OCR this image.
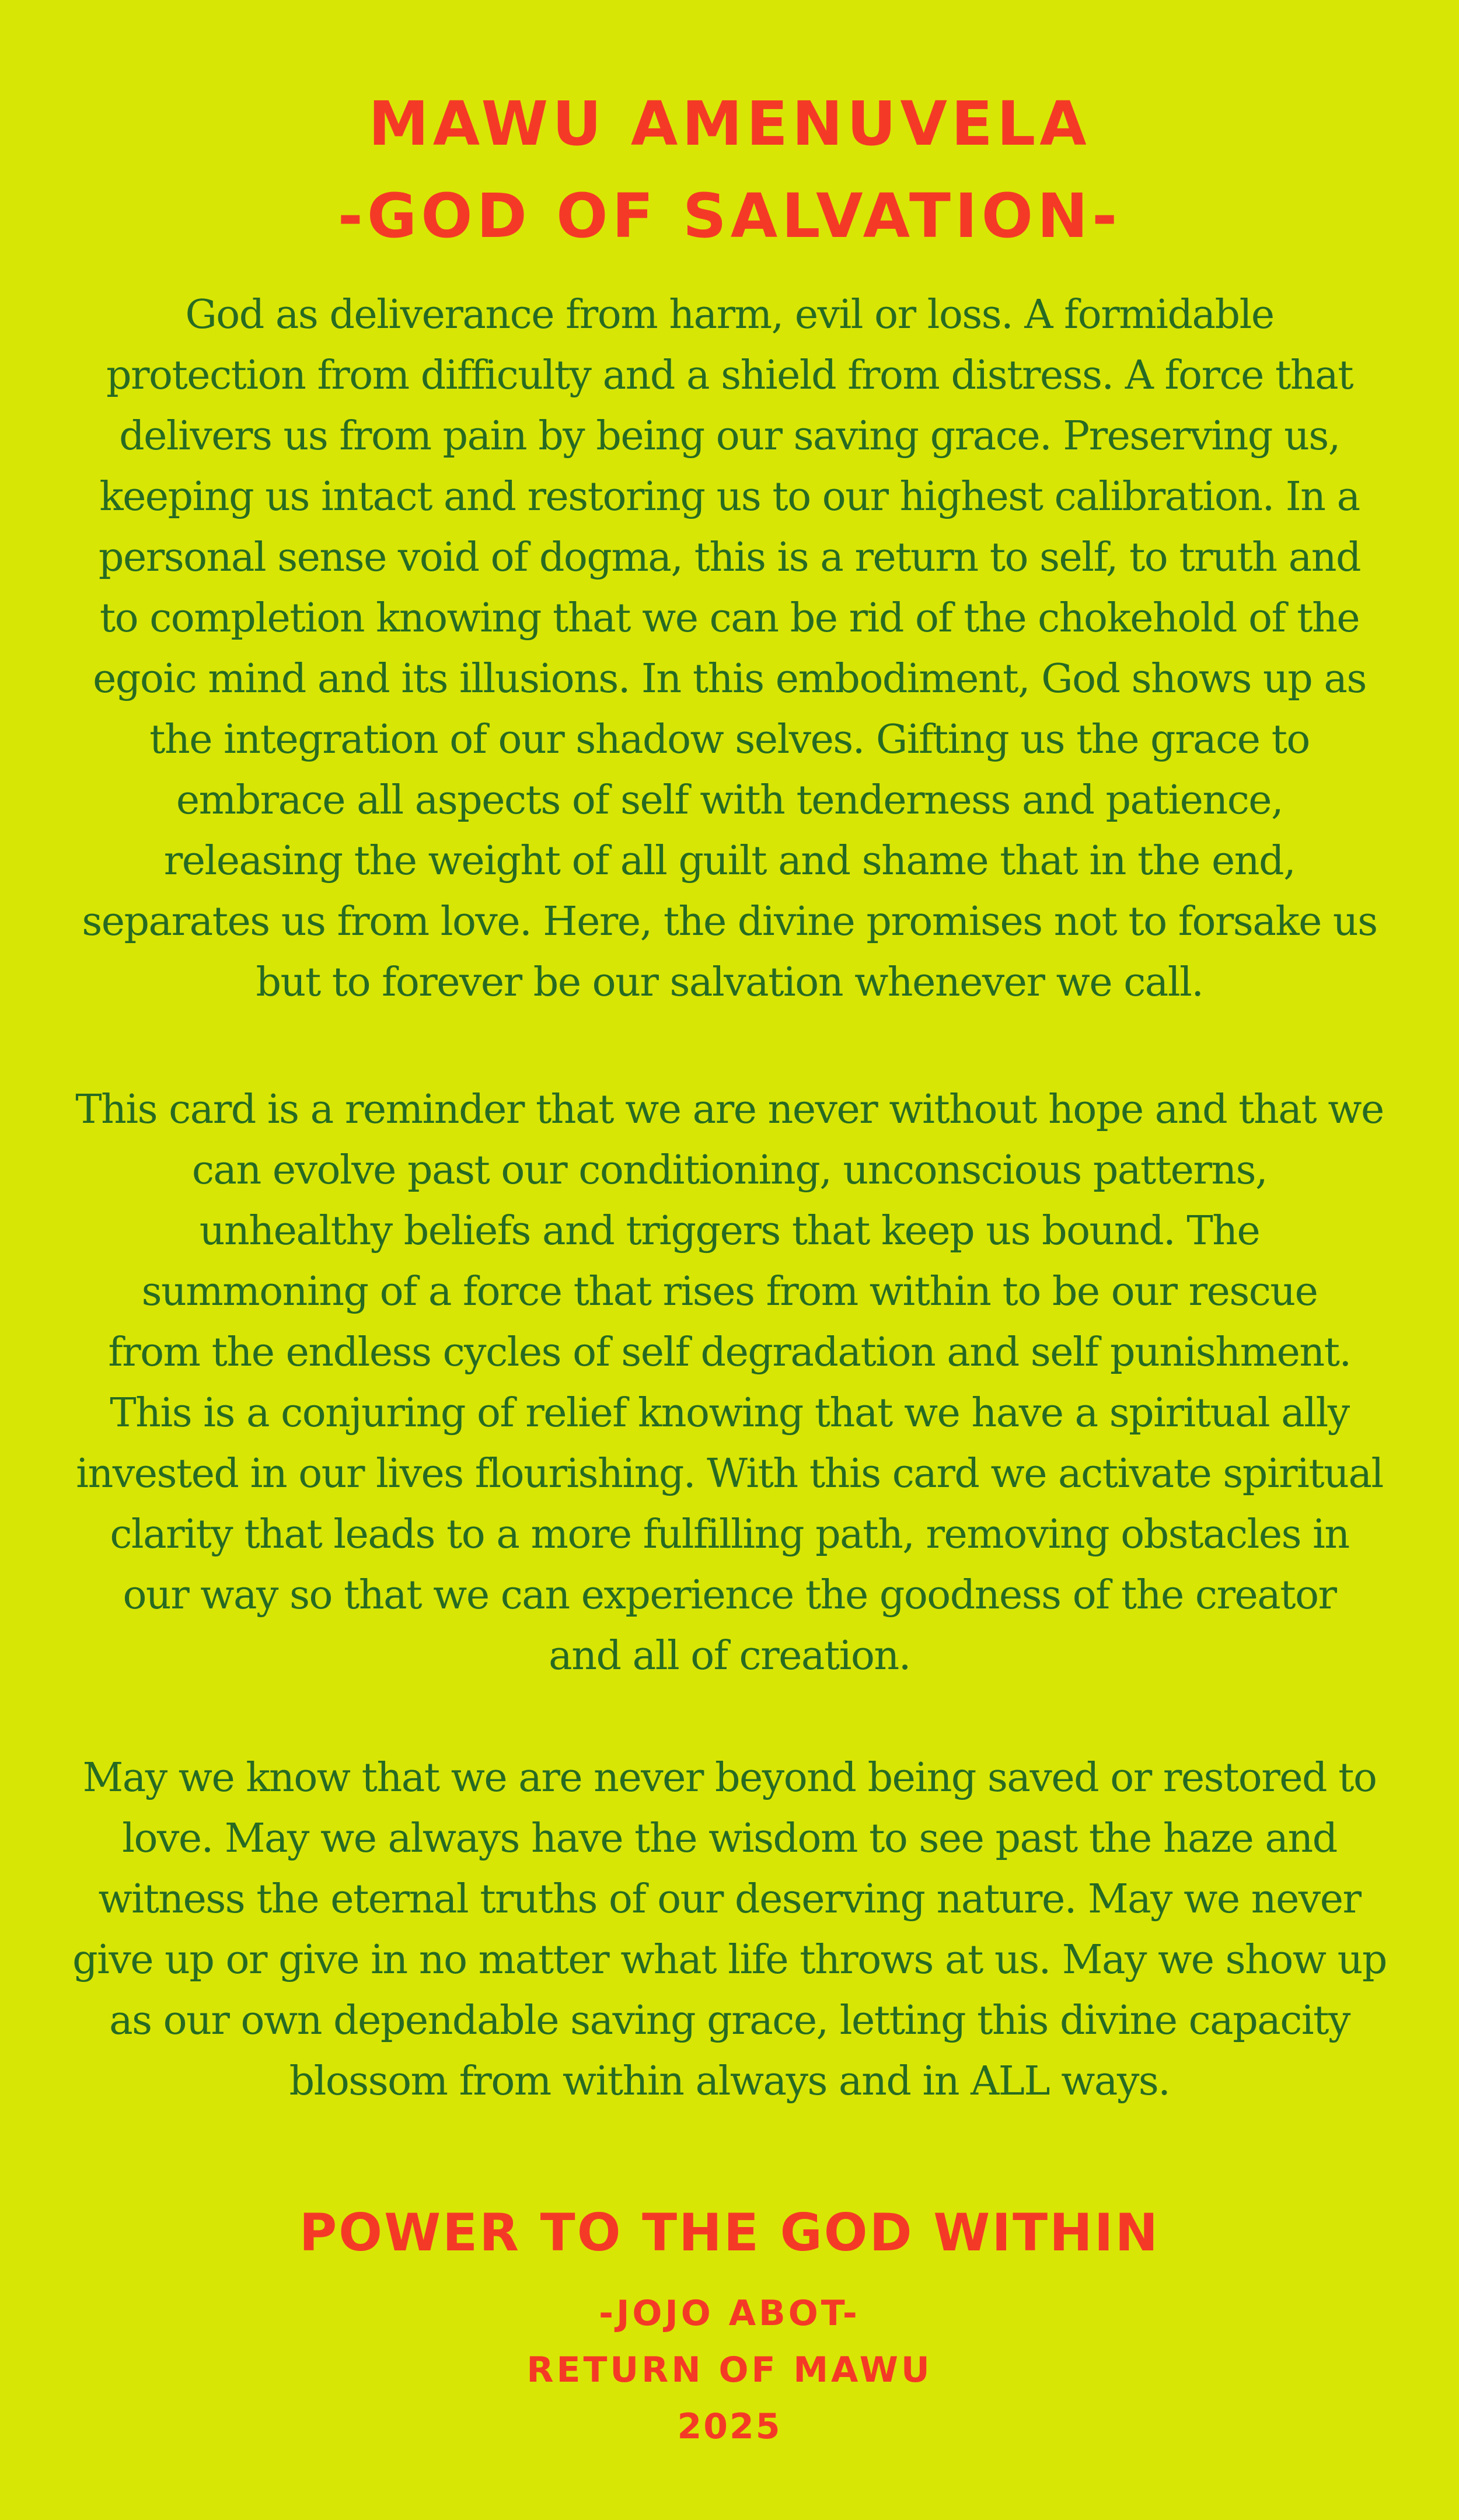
MAWU AMENUVELA
-GOD OF SALVATION-
God as deliverance from harm, evil or loss. A formidable
protection from difficulty and a shield from distress. A force that
delivers us from pain by being our saving grace. Preserving us,
keeping us intact and restoring us to our highest calibration. In a
personal sense void of dogma, this is a return to self, to truth and
to completion knowing that we can be rid of the chokehold of the
egoic mind and its illusions. In this embodiment, God shows up as
the integration of our shadow selves. Gifting us the grace to
embrace all aspects of self with tenderness and patience,
releasing the weight of all guilt and shame that in the end,
separates us from love. Here, the divine promises not to forsake us
but to forever be our salvation whenever we call.
This card is a reminder that we are never without hope and that we
can evolve past our conditioning, unconscious patterns,
unhealthy beliefs and triggers that keep us bound. The
summoning of a force that rises from within to be our rescue
from the endless cycles of self degradation and self punishment.
This is a conjuring of relief knowing that we have a spiritual ally
invested in our lives flourishing. With this card we activate spiritual
clarity that leads to a more fulfilling path, removing obstacles in
our way so that we can experience the goodness of the creator
and all of creation.
May we know that we are never beyond being saved or restored to
love. May we always have the wisdom to see past the haze and
witness the eternal truths of our deserving nature. May we never
give up or give in no matter what life throws at us. May we show up
as our own dependable saving grace, letting this divine capacity
blossom from within always and in ALL ways.
POWER TO THE GOD WITHIN
-JOJO ABOT-
RETURN OF MAWU
2025
